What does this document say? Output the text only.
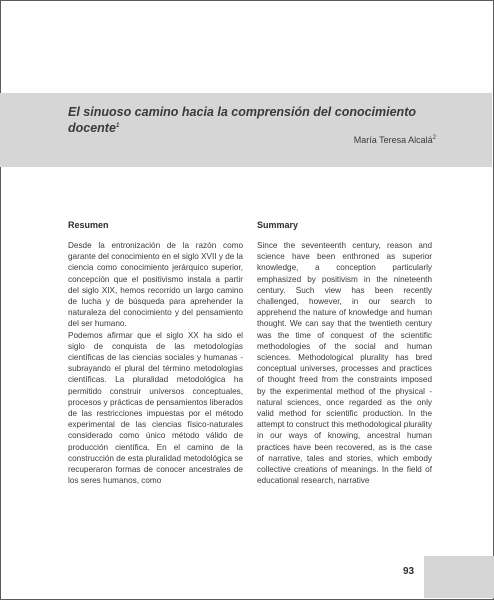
El sinuoso camino hacia la comprensión del conocimiento docente$^1$
María Teresa Alcalá$^2$
Resumen	Summary

Desde la entronización de la razón como garante del conocimiento en el siglo XVII y de la ciencia como conocimiento jerárquico superior, concepción que el positivismo instala a partir del siglo XIX, hemos recorrido un largo camino de lucha y de búsqueda para aprehender la naturaleza del conocimiento y del pensamiento del ser humano.

Podemos afirmar que el siglo XX ha sido el siglo de conquista de las metodologías científicas de las ciencias sociales y humanas -subrayando el plural del término metodologías científicas. La pluralidad metodológica ha permitido construir universos conceptuales, procesos y prácticas de pensamientos liberados de las restricciones impuestas por el método experimental de las ciencias físico-naturales considerado como único método válido de producción científica. En el camino de la construcción de esta pluralidad metodológica se recuperaron formas de conocer ancestrales de los seres humanos, como

Since the seventeenth century, reason and science have been enthroned as superior knowledge, a conception particularly emphasized by positivism in the nineteenth century. Such view has been recently challenged, however, in our search to apprehend the nature of knowledge and human thought. We can say that the twentieth century was the time of conquest of the scientific methodologies of the social and human sciences. Methodological plurality has bred conceptual universes, processes and practices of thought freed from the constraints imposed by the experimental method of the physical - natural sciences, once regarded as the only valid method for scientific production. In the attempt to construct this methodological plurality in our ways of knowing, ancestral human practices have been recovered, as is the case of narrative, tales and stories, which embody collective creations of meanings. In the field of educational research, narrative

93
